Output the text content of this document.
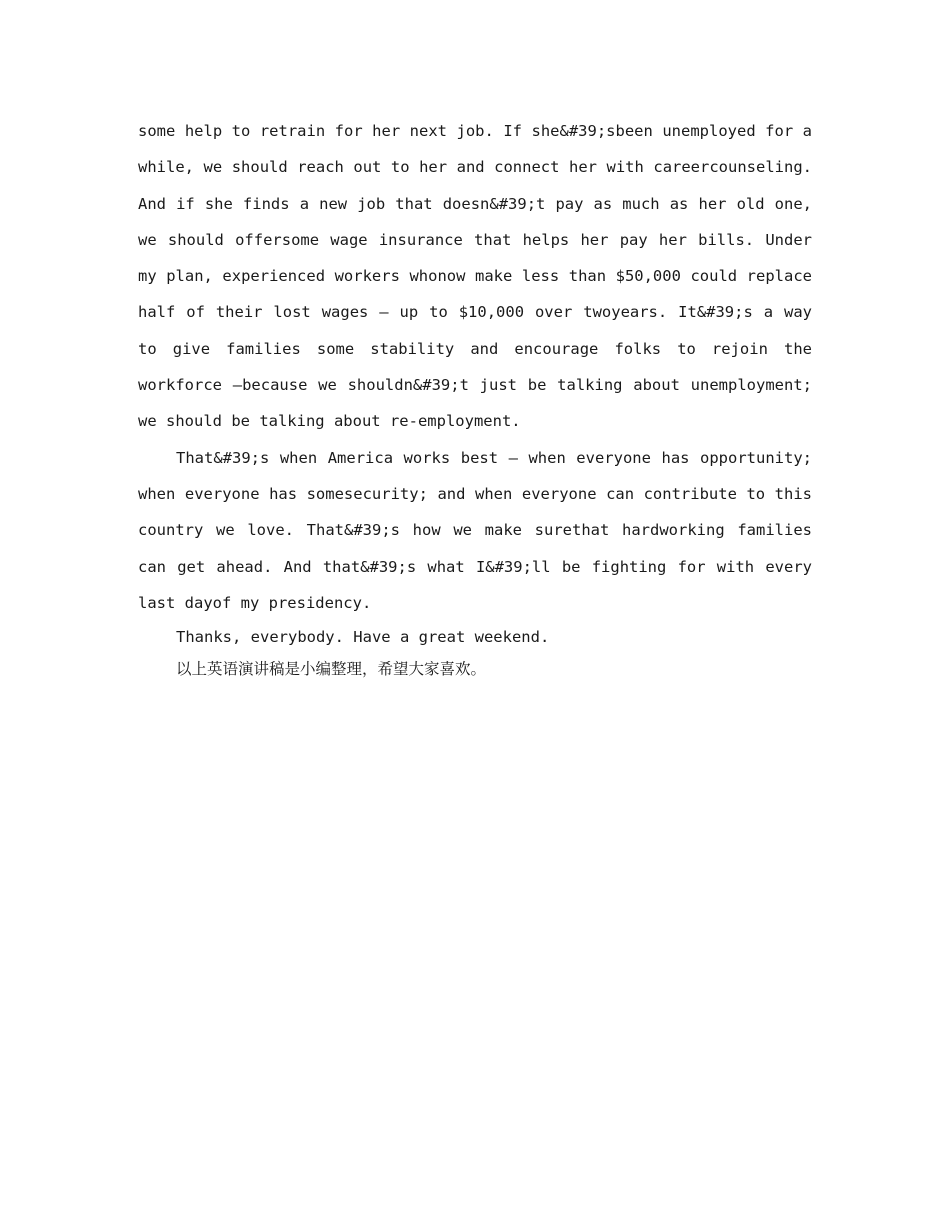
some help to retrain for her next job. If she&#39;sbeen unemployed for a while, we should reach out to her and connect her with careercounseling. And if she finds a new job that doesn&#39;t pay as much as her old one, we should offersome wage insurance that helps her pay her bills. Under my plan, experienced workers whonow make less than $50,000 could replace half of their lost wages – up to $10,000 over twoyears. It&#39;s a way to give families some stability and encourage folks to rejoin the workforce –because we shouldn&#39;t just be talking about unemployment; we should be talking about re-employment.

That&#39;s when America works best – when everyone has opportunity; when everyone has somesecurity; and when everyone can contribute to this country we love. That&#39;s how we make surethat hardworking families can get ahead. And that&#39;s what I&#39;ll be fighting for with every last dayof my presidency.

Thanks, everybody. Have a great weekend.

以上英语演讲稿是小编整理，希望大家喜欢。
